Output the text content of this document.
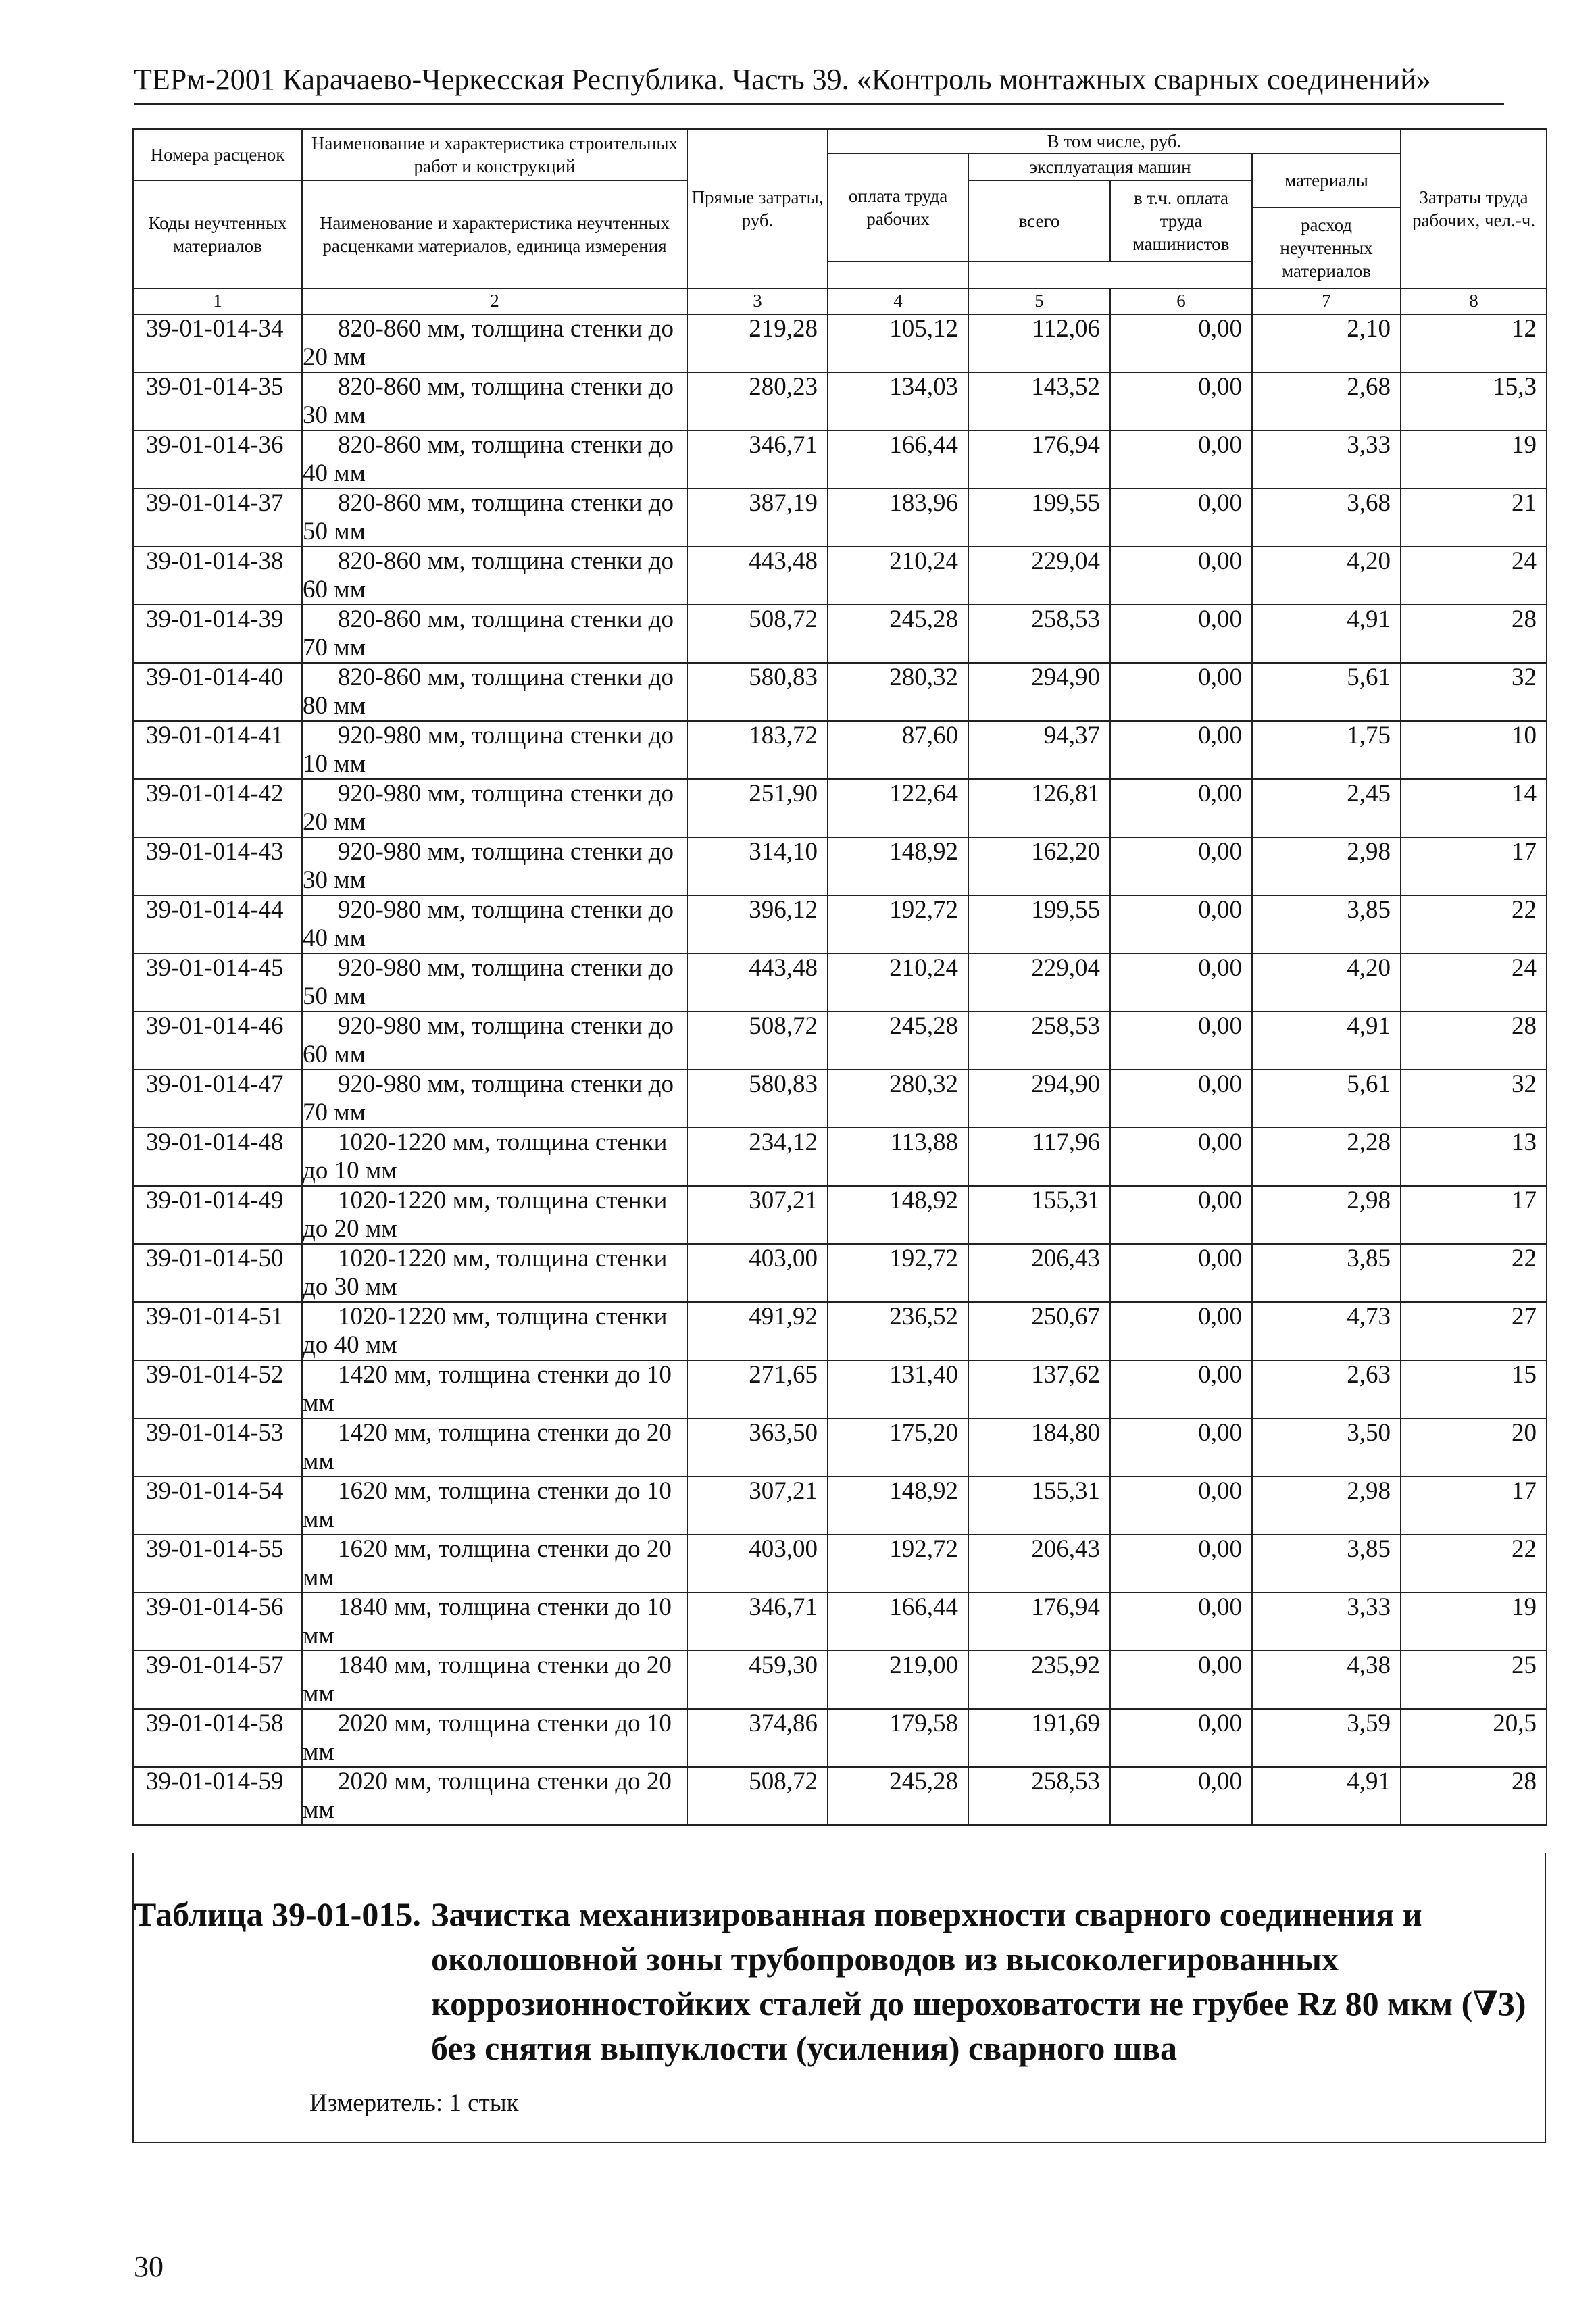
ТЕРм-2001 Карачаево-Черкесская Республика. Часть 39. «Контроль монтажных сварных соединений»
Номера расценок	Наименование и характеристика строительных работ и конструкций	Прямые затраты, руб.	В том числе, руб.				Затраты труда рабочих, чел.-ч.
			оплата труда рабочих	эксплуатация машин		материалы	
Коды неучтенных материалов	Наименование и характеристика неучтенных расценками материалов, единица измерения			всего	в т.ч. оплата труда машинистов		
						расход неучтенных материалов	

1	2	3	4	5	6	7	8
39-01-014-34	820-860 мм, толщина стенки до 20 мм	219,28	105,12	112,06	0,00	2,10	12
39-01-014-35	820-860 мм, толщина стенки до 30 мм	280,23	134,03	143,52	0,00	2,68	15,3
39-01-014-36	820-860 мм, толщина стенки до 40 мм	346,71	166,44	176,94	0,00	3,33	19
39-01-014-37	820-860 мм, толщина стенки до 50 мм	387,19	183,96	199,55	0,00	3,68	21
39-01-014-38	820-860 мм, толщина стенки до 60 мм	443,48	210,24	229,04	0,00	4,20	24
39-01-014-39	820-860 мм, толщина стенки до 70 мм	508,72	245,28	258,53	0,00	4,91	28
39-01-014-40	820-860 мм, толщина стенки до 80 мм	580,83	280,32	294,90	0,00	5,61	32
39-01-014-41	920-980 мм, толщина стенки до 10 мм	183,72	87,60	94,37	0,00	1,75	10
39-01-014-42	920-980 мм, толщина стенки до 20 мм	251,90	122,64	126,81	0,00	2,45	14
39-01-014-43	920-980 мм, толщина стенки до 30 мм	314,10	148,92	162,20	0,00	2,98	17
39-01-014-44	920-980 мм, толщина стенки до 40 мм	396,12	192,72	199,55	0,00	3,85	22
39-01-014-45	920-980 мм, толщина стенки до 50 мм	443,48	210,24	229,04	0,00	4,20	24
39-01-014-46	920-980 мм, толщина стенки до 60 мм	508,72	245,28	258,53	0,00	4,91	28
39-01-014-47	920-980 мм, толщина стенки до 70 мм	580,83	280,32	294,90	0,00	5,61	32
39-01-014-48	1020-1220 мм, толщина стенки до 10 мм	234,12	113,88	117,96	0,00	2,28	13
39-01-014-49	1020-1220 мм, толщина стенки до 20 мм	307,21	148,92	155,31	0,00	2,98	17
39-01-014-50	1020-1220 мм, толщина стенки до 30 мм	403,00	192,72	206,43	0,00	3,85	22
39-01-014-51	1020-1220 мм, толщина стенки до 40 мм	491,92	236,52	250,67	0,00	4,73	27
39-01-014-52	1420 мм, толщина стенки до 10 мм	271,65	131,40	137,62	0,00	2,63	15
39-01-014-53	1420 мм, толщина стенки до 20 мм	363,50	175,20	184,80	0,00	3,50	20
39-01-014-54	1620 мм, толщина стенки до 10 мм	307,21	148,92	155,31	0,00	2,98	17
39-01-014-55	1620 мм, толщина стенки до 20 мм	403,00	192,72	206,43	0,00	3,85	22
39-01-014-56	1840 мм, толщина стенки до 10 мм	346,71	166,44	176,94	0,00	3,33	19
39-01-014-57	1840 мм, толщина стенки до 20 мм	459,30	219,00	235,92	0,00	4,38	25
39-01-014-58	2020 мм, толщина стенки до 10 мм	374,86	179,58	191,69	0,00	3,59	20,5
39-01-014-59	2020 мм, толщина стенки до 20 мм	508,72	245,28	258,53	0,00	4,91	28
Таблица 39-01-015. Зачистка механизированная поверхности сварного соединения и околошовной зоны трубопроводов из высоколегированных коррозионностойких сталей до шероховатости не грубее Rz 80 мкм (∇3) без снятия выпуклости (усиления) сварного шва
Измеритель: 1 стык
30
